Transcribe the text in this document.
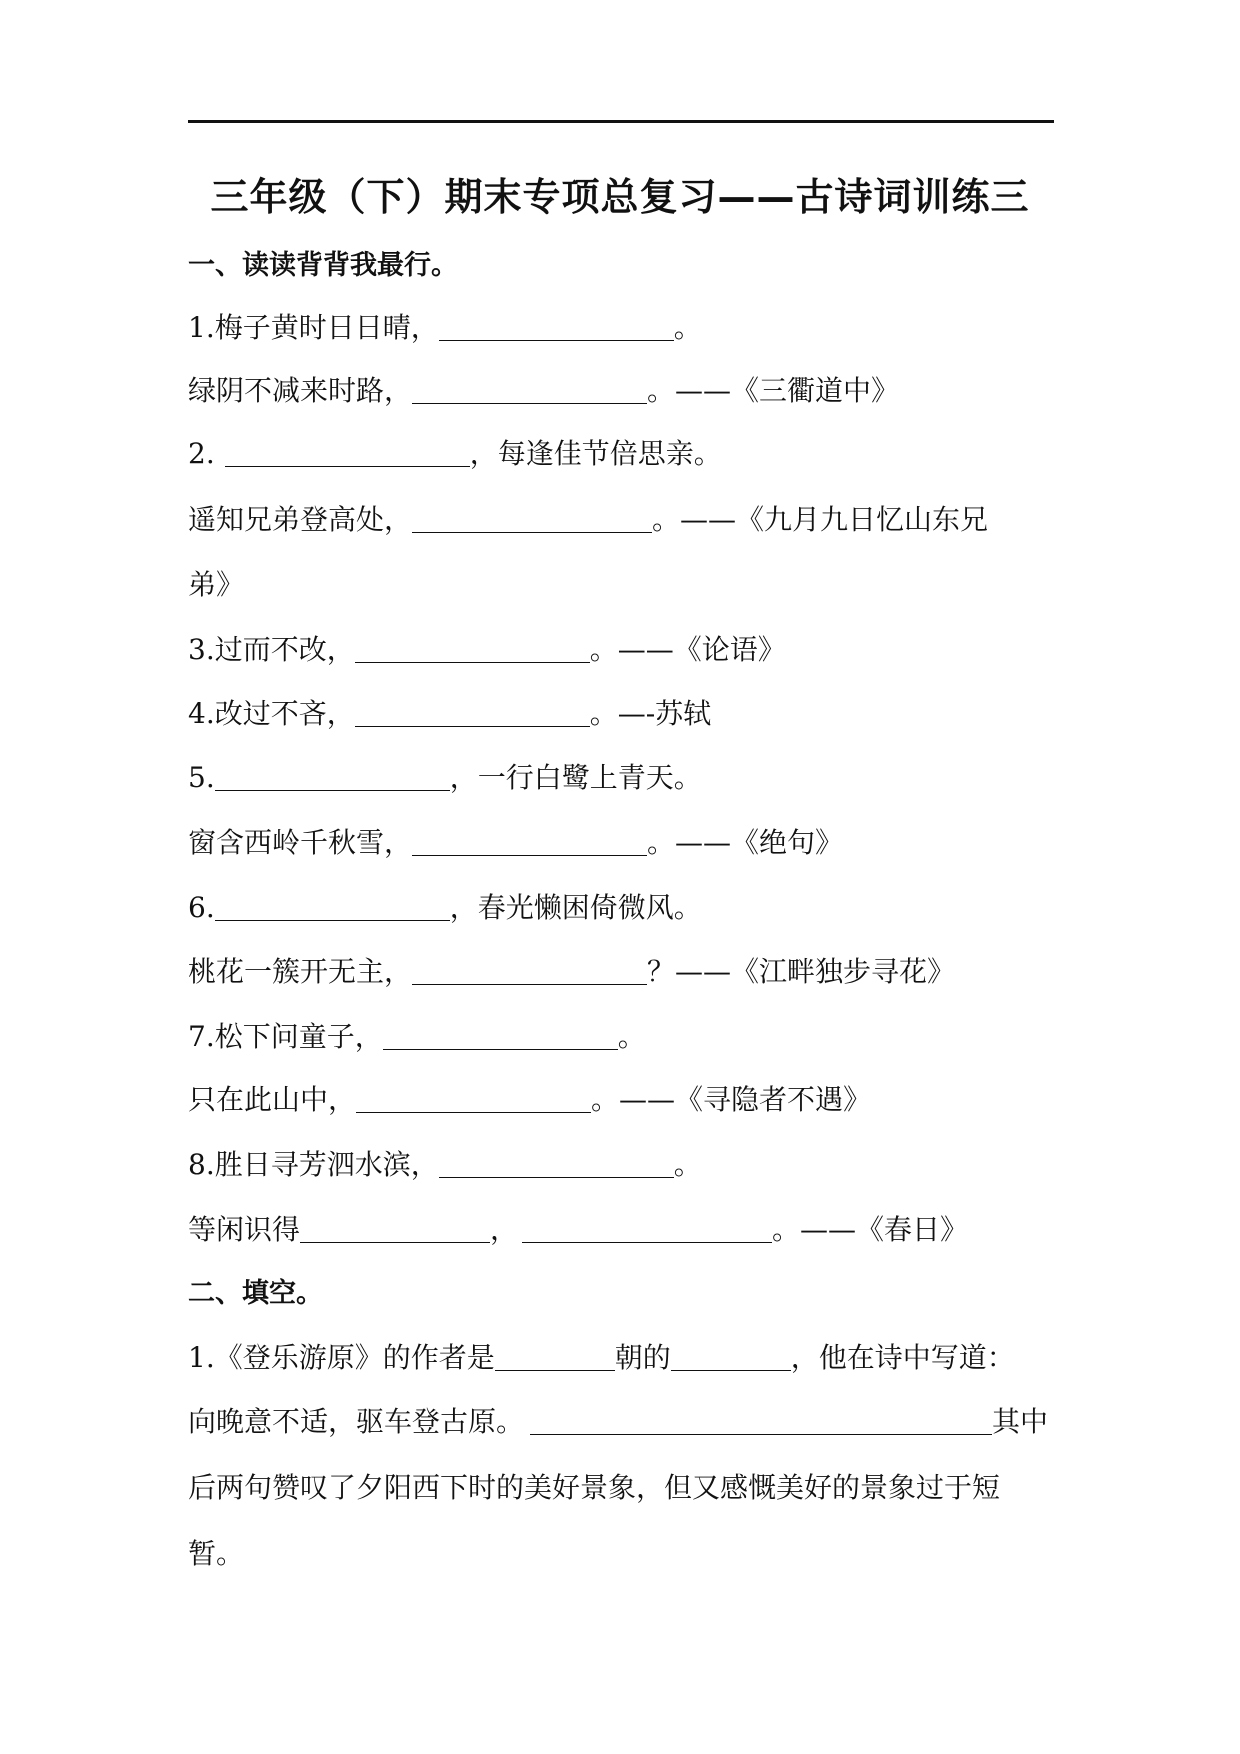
三年级（下）期末专项总复习——古诗词训练三
一、读读背背我最行。
1.梅子黄时日日晴，	。
绿阴不减来时路，	。——《三衢道中》
2.	，每逢佳节倍思亲。
遥知兄弟登高处，	。——《九月九日忆山东兄
弟》
3.过而不改，	。——《论语》
4.改过不吝，	。—-苏轼
5.	，一行白鹭上青天。
窗含西岭千秋雪，	。——《绝句》
6.	，春光懒困倚微风。
桃花一簇开无主，	？——《江畔独步寻花》
7.松下问童子，	。
只在此山中，	。——《寻隐者不遇》
8.胜日寻芳泗水滨，	。
等闲识得	，	。——《春日》
二、填空。
1.《登乐游原》的作者是	朝的	，他在诗中写道：
向晚意不适，驱车登古原。	其中
后两句赞叹了夕阳西下时的美好景象，但又感慨美好的景象过于短
暂。
